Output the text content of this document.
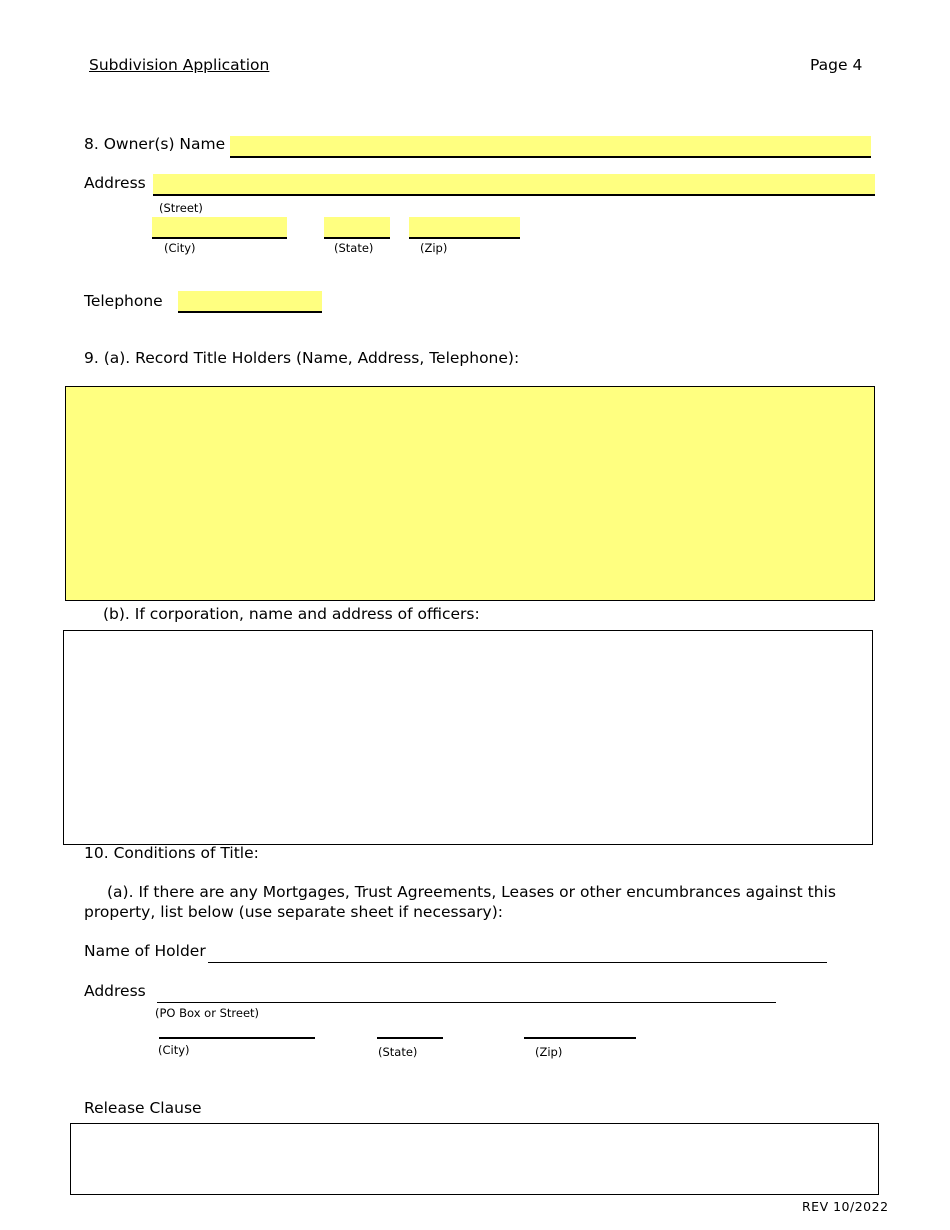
Subdivision Application	Page 4
8. Owner(s) Name
Address
(Street)
(City)	(State)	(Zip)
Telephone
9. (a). Record Title Holders (Name, Address, Telephone):
(b). If corporation, name and address of officers:
10. Conditions of Title:
(a). If there are any Mortgages, Trust Agreements, Leases or other encumbrances against this
property, list below (use separate sheet if necessary):
Name of Holder
Address
(PO Box or Street)
(City)	(State)	(Zip)
Release Clause
REV 10/2022
